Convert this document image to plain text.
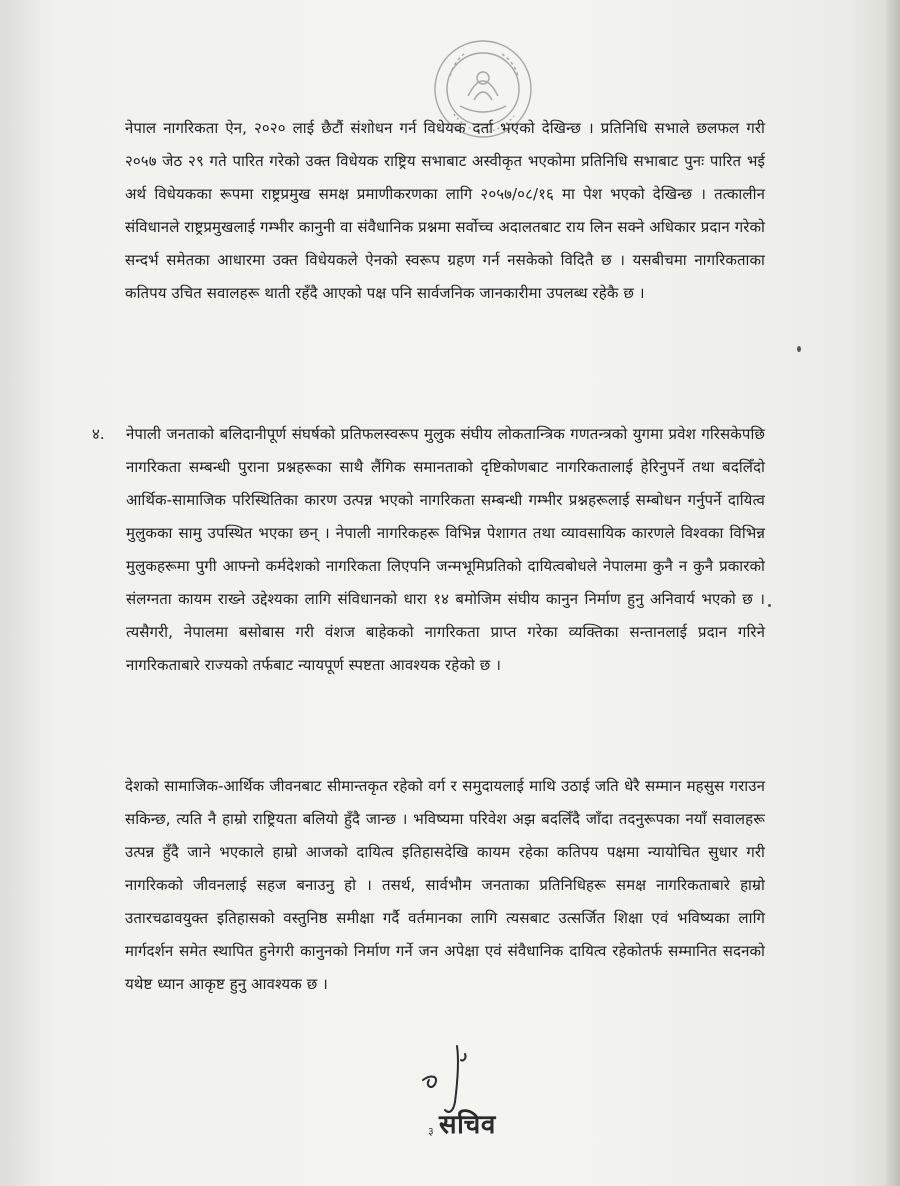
नेपाल नागरिकता ऐन, २०२० लाई छैटौं संशोधन गर्न विधेयक दर्ता भएको देखिन्छ । प्रतिनिधि सभाले छलफल गरी २०५७ जेठ २९ गते पारित गरेको उक्त विधेयक राष्ट्रिय सभाबाट अस्वीकृत भएकोमा प्रतिनिधि सभाबाट पुनः पारित भई अर्थ विधेयकका रूपमा राष्ट्रप्रमुख समक्ष प्रमाणीकरणका लागि २०५७/०८/१६ मा पेश भएको देखिन्छ । तत्कालीन संविधानले राष्ट्रप्रमुखलाई गम्भीर कानुनी वा संवैधानिक प्रश्नमा सर्वोच्च अदालतबाट राय लिन सक्ने अधिकार प्रदान गरेको सन्दर्भ समेतका आधारमा उक्त विधेयकले ऐनको स्वरूप ग्रहण गर्न नसकेको विदितै छ । यसबीचमा नागरिकताका कतिपय उचित सवालहरू थाती रहँदै आएको पक्ष पनि सार्वजनिक जानकारीमा उपलब्ध रहेकै छ ।

४.	नेपाली जनताको बलिदानीपूर्ण संघर्षको प्रतिफलस्वरूप मुलुक संघीय लोकतान्त्रिक गणतन्त्रको युगमा प्रवेश गरिसकेपछि नागरिकता सम्बन्धी पुराना प्रश्नहरूका साथै लैंगिक समानताको दृष्टिकोणबाट नागरिकतालाई हेरिनुपर्ने तथा बदलिँदो आर्थिक-सामाजिक परिस्थितिका कारण उत्पन्न भएको नागरिकता सम्बन्धी गम्भीर प्रश्नहरूलाई सम्बोधन गर्नुपर्ने दायित्व मुलुकका सामु उपस्थित भएका छन् । नेपाली नागरिकहरू विभिन्न पेशागत तथा व्यावसायिक कारणले विश्वका विभिन्न मुलुकहरूमा पुगी आफ्नो कर्मदेशको नागरिकता लिएपनि जन्मभूमिप्रतिको दायित्वबोधले नेपालमा कुनै न कुनै प्रकारको संलग्नता कायम राख्ने उद्देश्यका लागि संविधानको धारा १४ बमोजिम संघीय कानुन निर्माण हुनु अनिवार्य भएको छ । त्यसैगरी, नेपालमा बसोबास गरी वंशज बाहेकको नागरिकता प्राप्त गरेका व्यक्तिका सन्तानलाई प्रदान गरिने नागरिकताबारे राज्यको तर्फबाट न्यायपूर्ण स्पष्टता आवश्यक रहेको छ ।

देशको सामाजिक-आर्थिक जीवनबाट सीमान्तकृत रहेको वर्ग र समुदायलाई माथि उठाई जति धेरै सम्मान महसुस गराउन सकिन्छ, त्यति नै हाम्रो राष्ट्रियता बलियो हुँदै जान्छ । भविष्यमा परिवेश अझ बदलिँदै जाँदा तदनुरूपका नयाँ सवालहरू उत्पन्न हुँदै जाने भएकाले हाम्रो आजको दायित्व इतिहासदेखि कायम रहेका कतिपय पक्षमा न्यायोचित सुधार गरी नागरिकको जीवनलाई सहज बनाउनु हो । तसर्थ, सार्वभौम जनताका प्रतिनिधिहरू समक्ष नागरिकताबारे हाम्रो उतारचढावयुक्त इतिहासको वस्तुनिष्ठ समीक्षा गर्दै वर्तमानका लागि त्यसबाट उत्सर्जित शिक्षा एवं भविष्यका लागि मार्गदर्शन समेत स्थापित हुनेगरी कानुनको निर्माण गर्ने जन अपेक्षा एवं संवैधानिक दायित्व रहेकोतर्फ सम्मानित सदनको यथेष्ट ध्यान आकृष्ट हुनु आवश्यक छ ।

सचिव
३
